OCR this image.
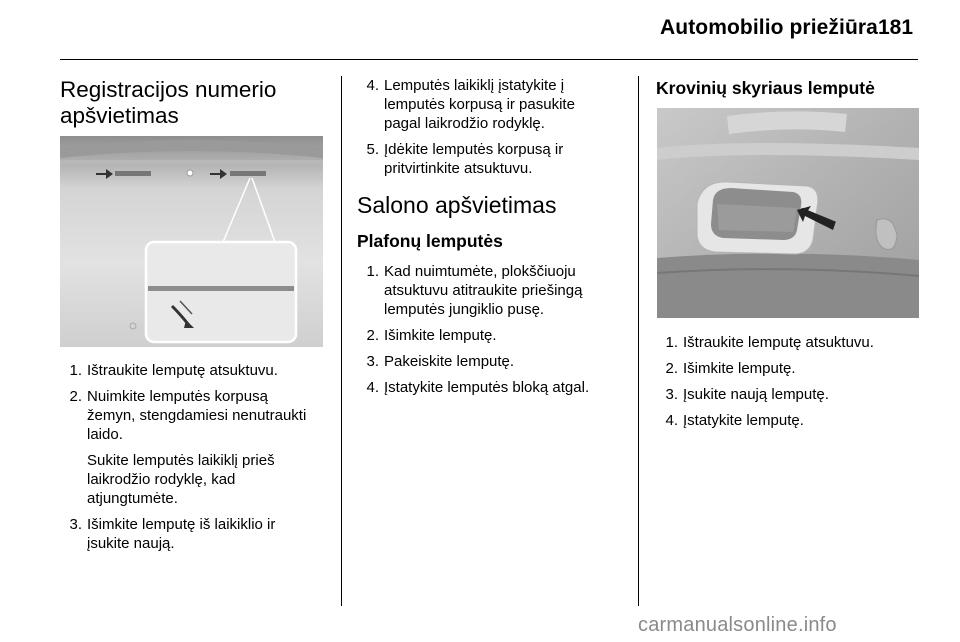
Automobilio priežiūra 181
Registracijos numerio
apšvietimas
1. Ištraukite lemputę atsuktuvu.
2. Nuimkite lemputės korpusą
žemyn, stengdamiesi nenutraukti
laido.
Sukite lemputės laikiklį prieš
laikrodžio rodyklę, kad
atjungtumėte.
3. Išimkite lemputę iš laikiklio ir
įsukite naują.
4. Lemputės laikiklį įstatykite į
lemputės korpusą ir pasukite
pagal laikrodžio rodyklę.
5. Įdėkite lemputės korpusą ir
pritvirtinkite atsuktuvu.
Salono apšvietimas
Plafonų lemputės
1. Kad nuimtumėte, plokščiuoju
atsuktuvu atitraukite priešingą
lemputės jungiklio pusę.
2. Išimkite lemputę.
3. Pakeiskite lemputę.
4. Įstatykite lemputės bloką atgal.
Krovinių skyriaus lemputė
1. Ištraukite lemputę atsuktuvu.
2. Išimkite lemputę.
3. Įsukite naują lemputę.
4. Įstatykite lemputę.
carmanualsonline.info
